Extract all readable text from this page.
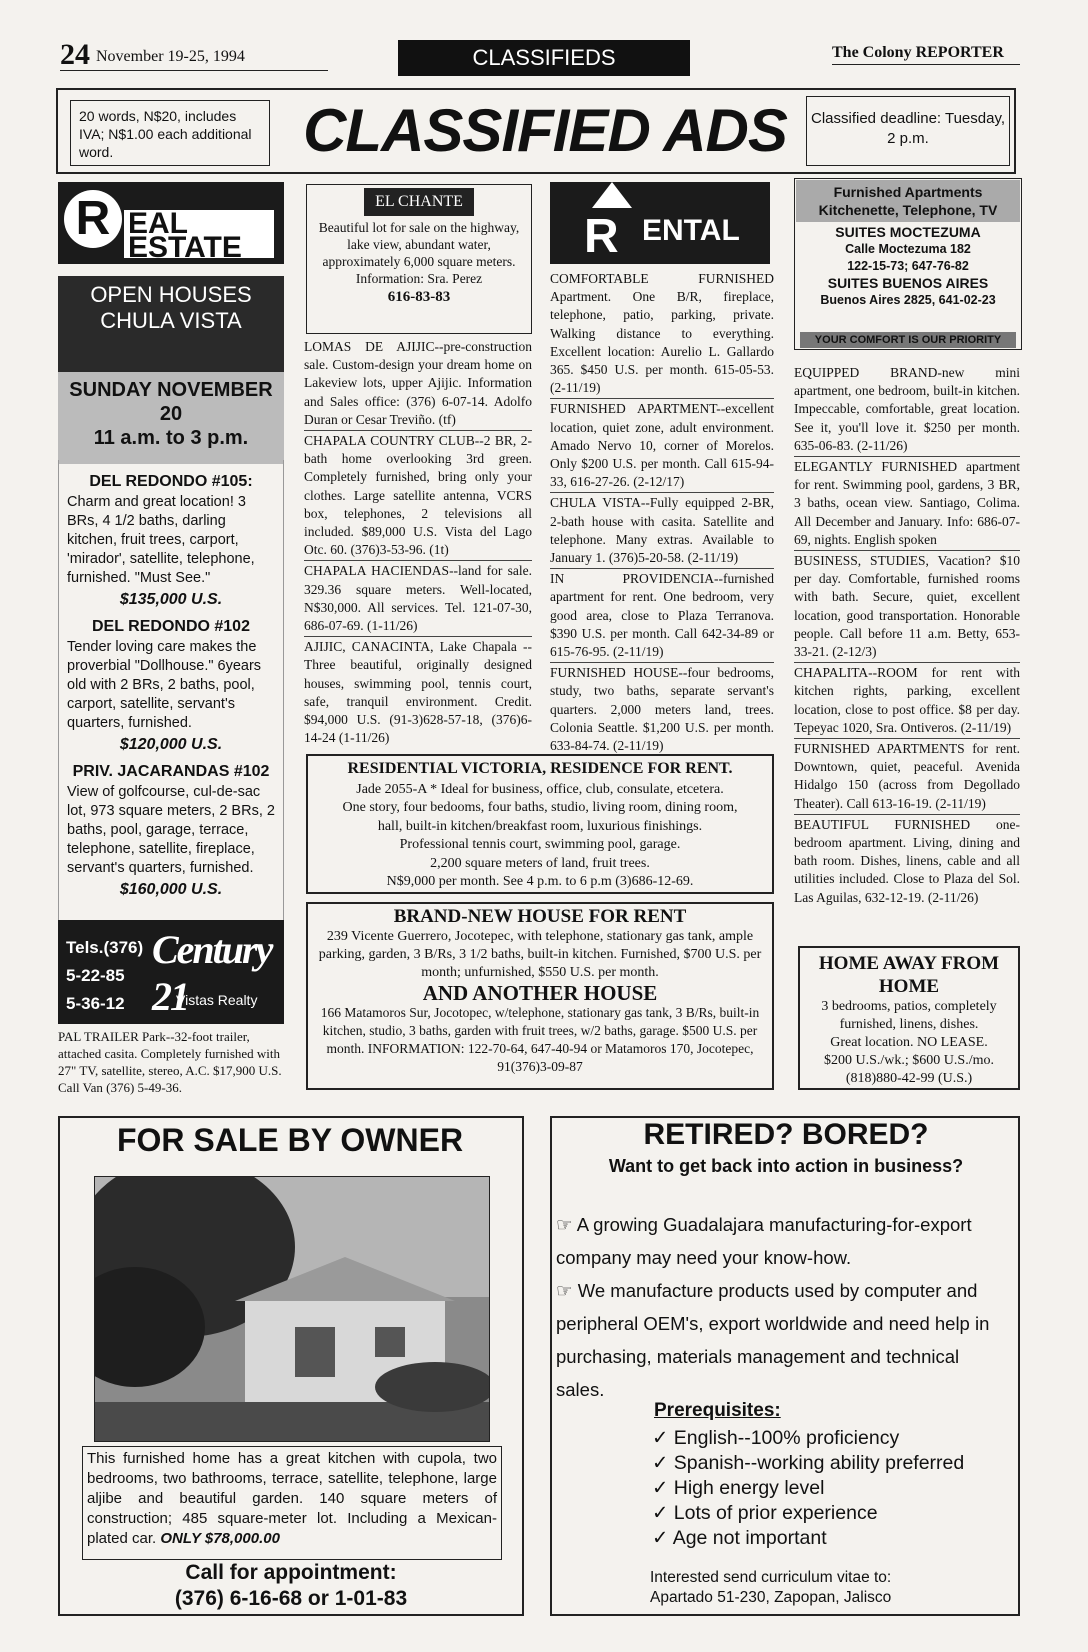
24 November 19-25, 1994	CLASSIFIEDS	The Colony REPORTER
20 words, N$20, includes IVA; N$1.00 each additional word.	CLASSIFIED ADS	Classified deadline: Tuesday, 2 p.m.
R EAL ESTATE
OPEN HOUSES CHULA VISTA
SUNDAY NOVEMBER 20
11 a.m. to 3 p.m.
DEL REDONDO #105:

Charm and great location! 3 BRs, 4 1/2 baths, darling kitchen, fruit trees, carport, 'mirador', satellite, telephone, furnished. "Must See."

$135,000 U.S.
DEL REDONDO #102

Tender loving care makes the proverbial "Dollhouse." 6years old with 2 BRs, 2 baths, pool, carport, satellite, servant's quarters, furnished.

$120,000 U.S.
PRIV. JACARANDAS #102

View of golfcourse, cul-de-sac lot, 973 square meters, 2 BRs, 2 baths, pool, garage, terrace, telephone, satellite, fireplace, servant's quarters, furnished.

$160,000 U.S.
Tels.(376)
5-22-85
5-36-12
Century 21
Vistas Realty
PAL TRAILER Park--32-foot trailer, attached casita. Completely furnished with 27" TV, satellite, stereo, A.C. $17,900 U.S. Call Van (376) 5-49-36.
Beautiful lot for sale on the highway, lake view, abundant water, approximately 6,000 square meters. Information: Sra. Perez
616-83-83
EL CHANTE

LOMAS DE AJIJIC--pre-construction sale. Custom-design your dream home on Lakeview lots, upper Ajijic. Information and Sales office: (376) 6-07-14. Adolfo Duran or Cesar Treviño. (tf)

CHAPALA COUNTRY CLUB--2 BR, 2-bath home overlooking 3rd green. Completely furnished, bring only your clothes. Large satellite antenna, VCRS box, telephones, 2 televisions all included. $89,000 U.S. Vista del Lago Otc. 60. (376)3-53-96. (1t)

CHAPALA HACIENDAS--land for sale. 329.36 square meters. Well-located, N$30,000. All services. Tel. 121-07-30, 686-07-69. (1-11/26)

AJIJIC, CANACINTA, Lake Chapala --Three beautiful, originally designed houses, swimming pool, tennis court, safe, tranquil environment. Credit. $94,000 U.S. (91-3)628-57-18, (376)6-14-24 (1-11/26)

R ENTAL

COMFORTABLE FURNISHED Apartment. One B/R, fireplace, telephone, patio, parking, private. Walking distance to everything. Excellent location: Aurelio L. Gallardo 365. $450 U.S. per month. 615-05-53. (2-11/19)

FURNISHED APARTMENT--excellent location, quiet zone, adult environment. Amado Nervo 10, corner of Morelos. Only $200 U.S. per month. Call 615-94-33, 616-27-26. (2-12/17)

CHULA VISTA--Fully equipped 2-BR, 2-bath house with casita. Satellite and telephone. Many extras. Available to January 1. (376)5-20-58. (2-11/19)

IN PROVIDENCIA--furnished apartment for rent. One bedroom, very good area, close to Plaza Terranova. $390 U.S. per month. Call 642-34-89 or 615-76-95. (2-11/19)

FURNISHED HOUSE--four bedrooms, study, two baths, separate servant's quarters. 2,000 meters land, trees. Colonia Seattle. $1,200 U.S. per month. 633-84-74. (2-11/19)

RESIDENTIAL VICTORIA, RESIDENCE FOR RENT.
Jade 2055-A * Ideal for business, office, club, consulate, etcetera.
One story, four bedooms, four baths, studio, living room, dining room,
hall, built-in kitchen/breakfast room, luxurious finishings.
Professional tennis court, swimming pool, garage.
2,200 square meters of land, fruit trees.
N$9,000 per month. See 4 p.m. to 6 p.m (3)686-12-69.
BRAND-NEW HOUSE FOR RENT
239 Vicente Guerrero, Jocotepec, with telephone, stationary gas tank, ample parking, garden, 3 B/Rs, 3 1/2 baths, built-in kitchen. Furnished, $700 U.S. per month; unfurnished, $550 U.S. per month.
AND ANOTHER HOUSE
166 Matamoros Sur, Jocotopec, w/telephone, stationary gas tank, 3 B/Rs, built-in kitchen, studio, 3 baths, garden with fruit trees, w/2 baths, garage. $500 U.S. per month. INFORMATION: 122-70-64, 647-40-94 or Matamoros 170, Jocotepec, 91(376)3-09-87
Furnished Apartments Kitchenette, Telephone, TV
SUITES MOCTEZUMA
Calle Moctezuma 182
122-15-73; 647-76-82
SUITES BUENOS AIRES
Buenos Aires 2825, 641-02-23
YOUR COMFORT IS OUR PRIORITY

EQUIPPED BRAND-new mini apartment, one bedroom, built-in kitchen. Impeccable, comfortable, great location. See it, you'll love it. $250 per month. 635-06-83. (2-11/26)

ELEGANTLY FURNISHED apartment for rent. Swimming pool, gardens, 3 BR, 3 baths, ocean view. Santiago, Colima. All December and January. Info: 686-07-69, nights. English spoken

BUSINESS, STUDIES, Vacation? $10 per day. Comfortable, furnished rooms with bath. Secure, quiet, excellent location, good transportation. Honorable people. Call before 11 a.m. Betty, 653-33-21. (2-12/3)

CHAPALITA--ROOM for rent with kitchen rights, parking, excellent location, close to post office. $8 per day. Tepeyac 1020, Sra. Ontiveros. (2-11/19)

FURNISHED APARTMENTS for rent. Downtown, quiet, peaceful. Avenida Hidalgo 150 (across from Degollado Theater). Call 613-16-19. (2-11/19)

BEAUTIFUL FURNISHED one-bedroom apartment. Living, dining and bath room. Dishes, linens, cable and all utilities included. Close to Plaza del Sol. Las Aguilas, 632-12-19. (2-11/26)

HOME AWAY FROM HOME
3 bedrooms, patios, completely furnished, linens, dishes.
Great location. NO LEASE.
$200 U.S./wk.; $600 U.S./mo.
(818)880-42-99 (U.S.)
FOR SALE BY OWNER
This furnished home has a great kitchen with cupola, two bedrooms, two bathrooms, terrace, satellite, telephone, large aljibe and beautiful garden. 140 square meters of construction; 485 square-meter lot. Including a Mexican-plated car. ONLY $78,000.00
Call for appointment:
(376) 6-16-68 or 1-01-83
RETIRED? BORED?
Want to get back into action in business?
☞ A growing Guadalajara manufacturing-for-export company may need your know-how.
☞ We manufacture products used by computer and peripheral OEM's, export worldwide and need help in purchasing, materials management and technical sales.
Prerequisites:
✓ English--100% proficiency
✓ Spanish--working ability preferred
✓ High energy level
✓ Lots of prior experience
✓ Age not important
Interested send curriculum vitae to:
Apartado 51-230, Zapopan, Jalisco
